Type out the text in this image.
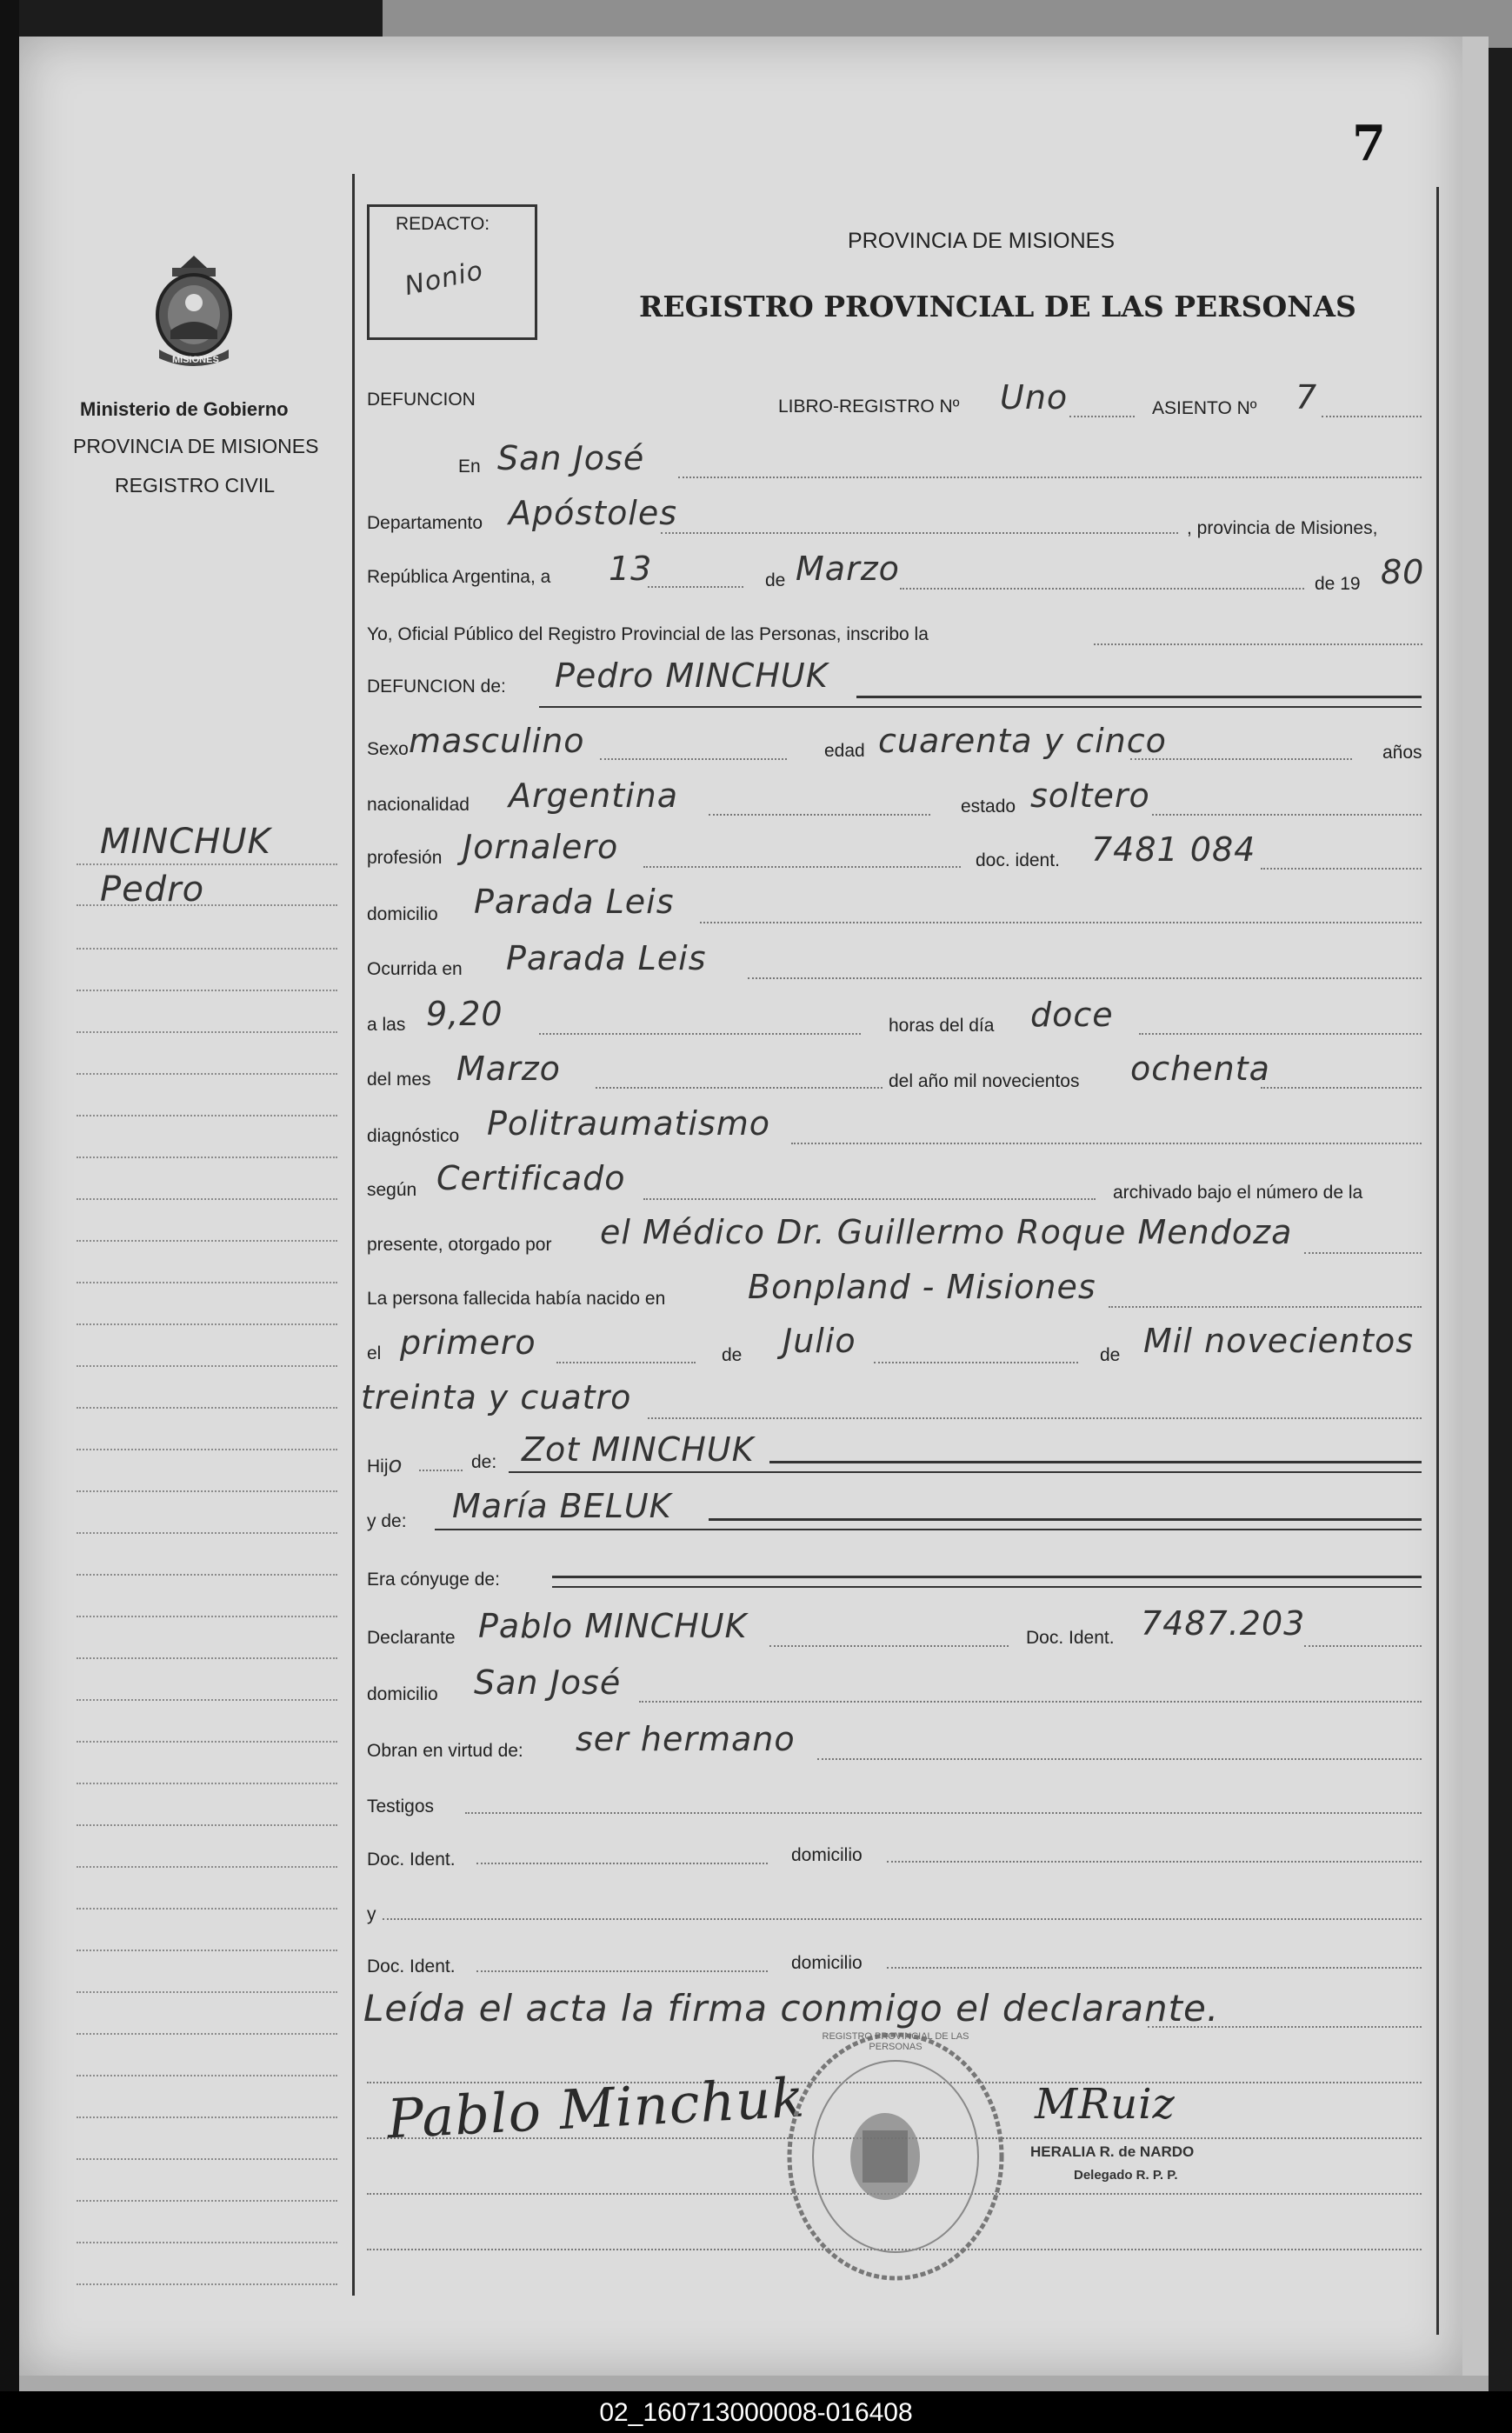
7
MISIONES
Ministerio de Gobierno
PROVINCIA DE MISIONES
REGISTRO CIVIL
MINCHUK
Pedro
REDACTO:
Nonio
PROVINCIA DE MISIONES
REGISTRO PROVINCIAL DE LAS PERSONAS
DEFUNCION	LIBRO-REGISTRO Nº Uno	ASIENTO Nº 7
En San José
Departamento Apóstoles	, provincia de Misiones,
República Argentina, a 13	de Marzo	de 19 80
Yo, Oficial Público del Registro Provincial de las Personas, inscribo la
DEFUNCION de: Pedro MINCHUK
Sexo masculino	edad cuarenta y cinco	años
nacionalidad Argentina	estado soltero
profesión Jornalero	doc. ident. 7481 084
domicilio Parada Leis
Ocurrida en Parada Leis
a las 9,20	horas del día doce
del mes Marzo	del año mil novecientos ochenta
diagnóstico Politraumatismo
según Certificado	archivado bajo el número de la
presente, otorgado por el Médico Dr. Guillermo Roque Mendoza
La persona fallecida había nacido en Bonpland - Misiones
el primero	de Julio	de Mil novecientos
treinta y cuatro
Hijo	de: Zot MINCHUK
y de: María BELUK
Era cónyuge de:
Declarante Pablo MINCHUK	Doc. Ident. 7487.203
domicilio San José
Obran en virtud de: ser hermano
Testigos
Doc. Ident.	domicilio
y
Doc. Ident.	domicilio
Leída el acta la firma conmigo el declarante.
Pablo Minchuk
REGISTRO PROVINCIAL DE LAS PERSONAS
MRuiz
HERALIA R. de NARDO
Delegado R. P. P.
02_160713000008-016408
